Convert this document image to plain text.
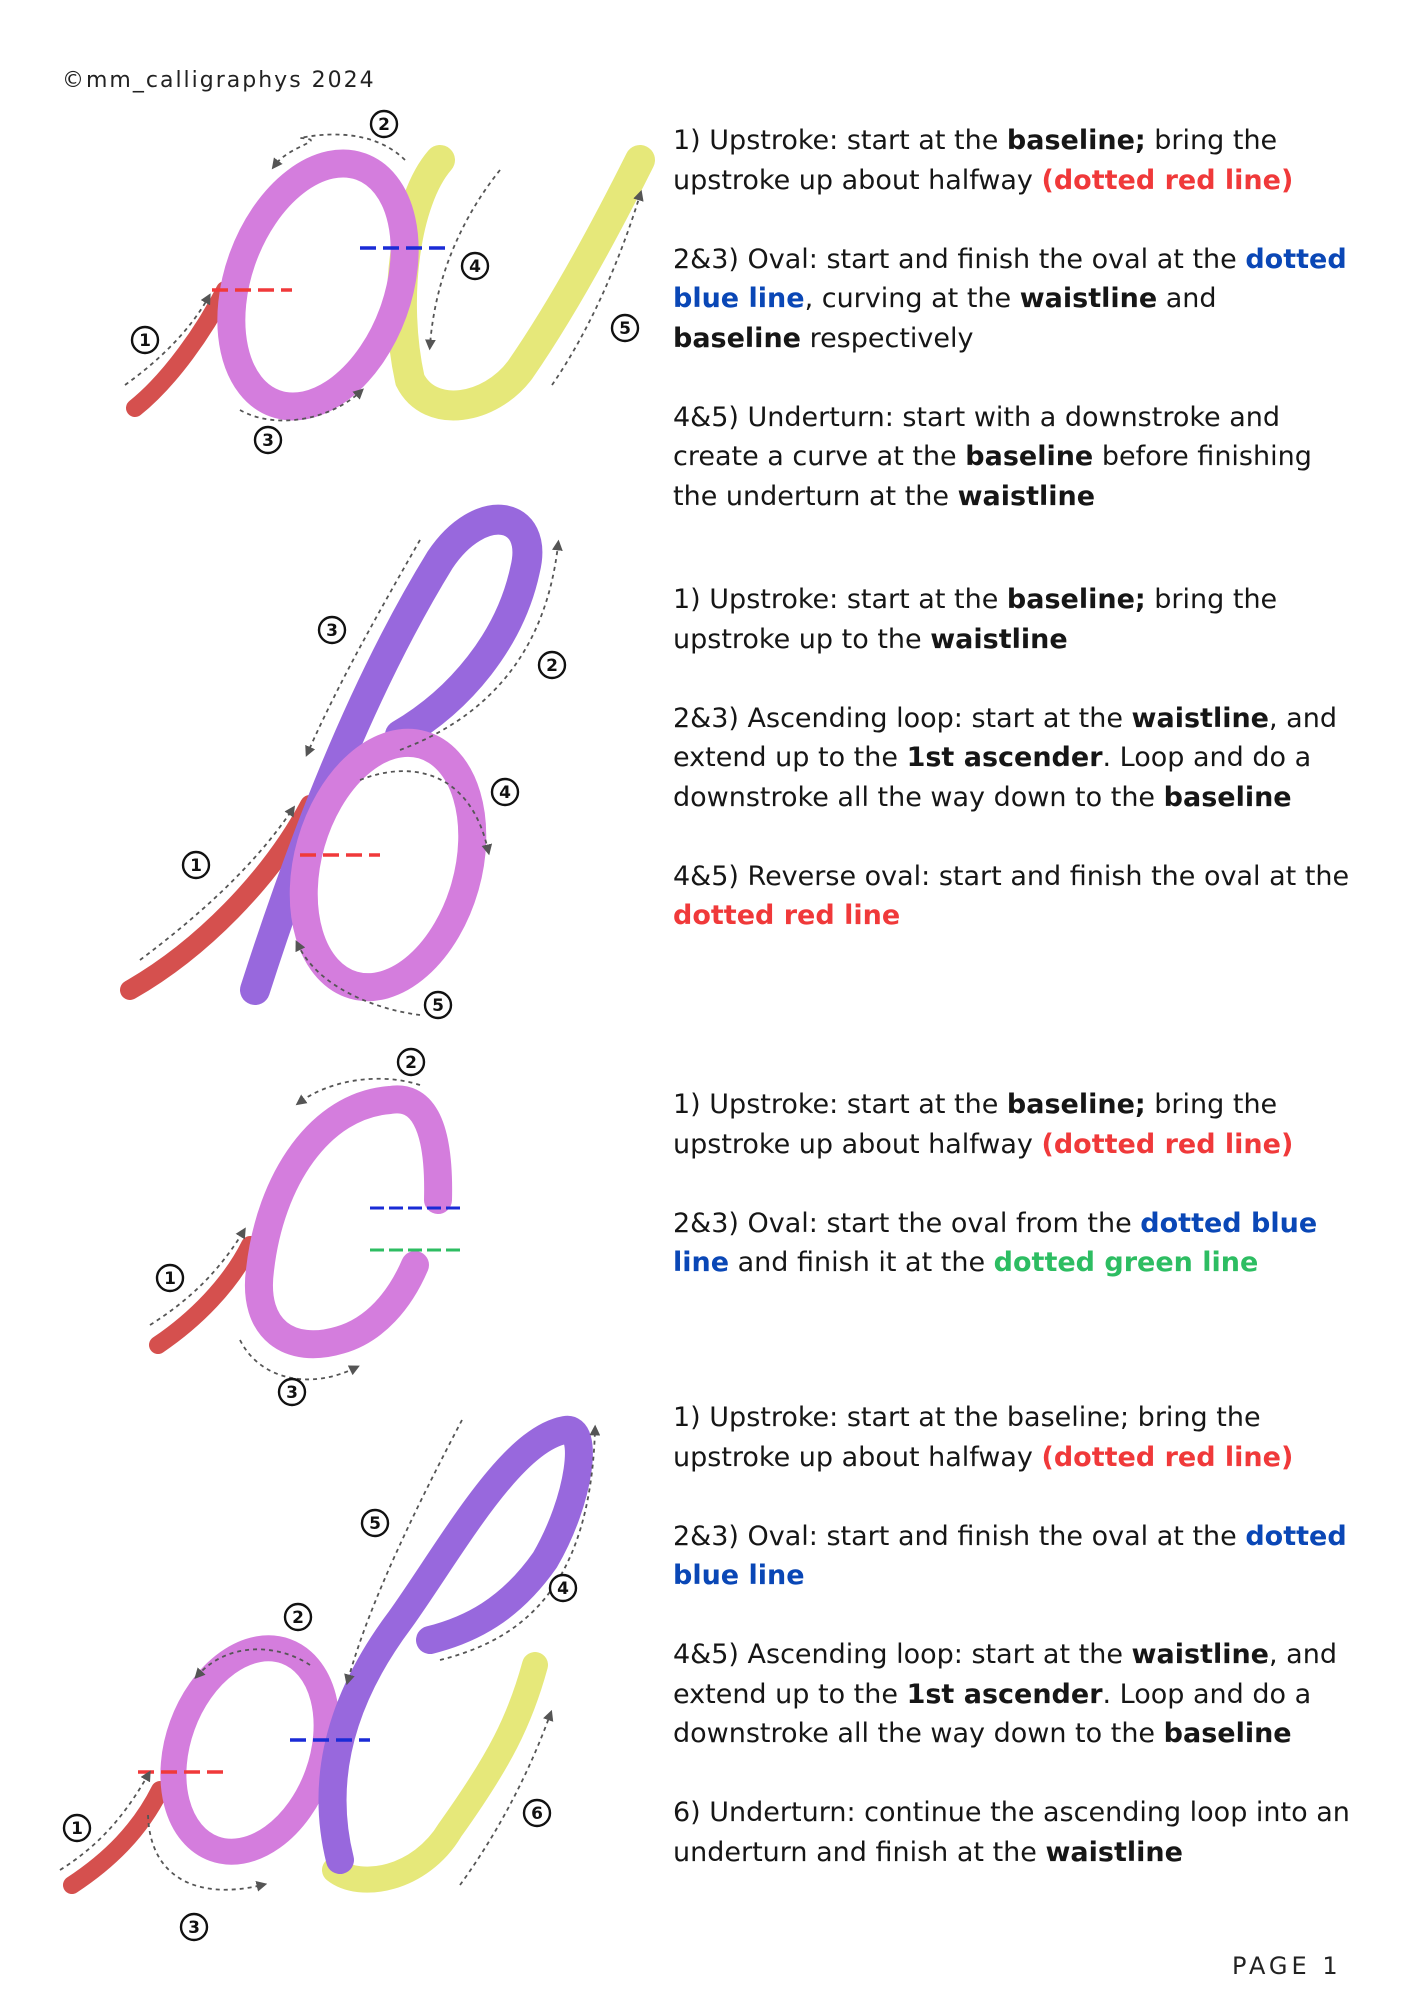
©mm_calligraphys 2024
1
2
3
4
5

1) Upstroke: start at the baseline; bring the upstroke up about halfway (dotted red line)

2&3) Oval: start and finish the oval at the dotted blue line, curving at the waistline and baseline respectively

4&5) Underturn: start with a downstroke and create a curve at the baseline before finishing the underturn at the waistline

1
2
3
4
5

1) Upstroke: start at the baseline; bring the upstroke up to the waistline

2&3) Ascending loop: start at the waistline, and extend up to the 1st ascender. Loop and do a downstroke all the way down to the baseline

4&5) Reverse oval: start and finish the oval at the dotted red line

1
2
3

1) Upstroke: start at the baseline; bring the upstroke up about halfway (dotted red line)

2&3) Oval: start the oval from the dotted blue line and finish it at the dotted green line

1
2
3
4
5
6

1) Upstroke: start at the baseline; bring the upstroke up about halfway (dotted red line)

2&3) Oval: start and finish the oval at the dotted blue line

4&5) Ascending loop: start at the waistline, and extend up to the 1st ascender. Loop and do a downstroke all the way down to the baseline

6) Underturn: continue the ascending loop into an underturn and finish at the waistline

PAGE 1
